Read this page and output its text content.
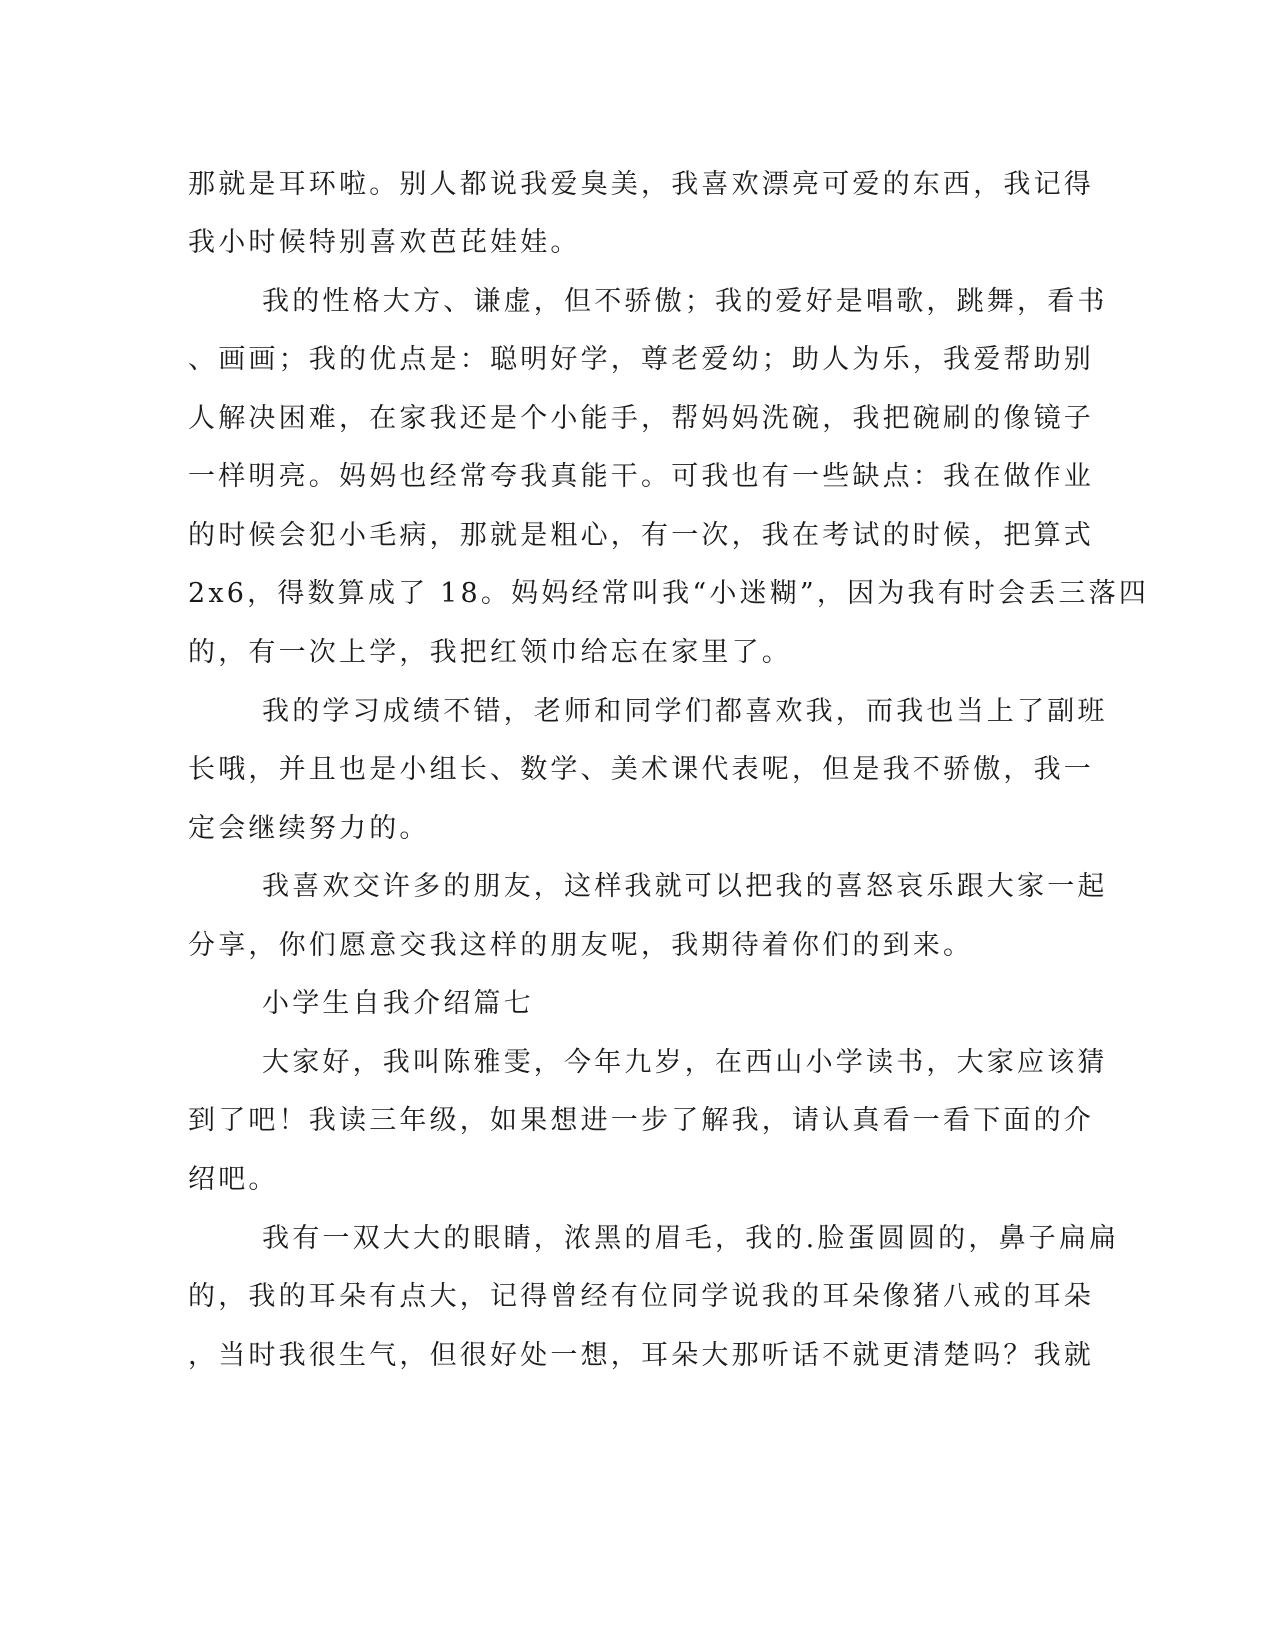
那就是耳环啦。别人都说我爱臭美，我喜欢漂亮可爱的东西，我记得
我小时候特别喜欢芭芘娃娃。
我的性格大方、谦虚，但不骄傲；我的爱好是唱歌，跳舞，看书
、画画；我的优点是：聪明好学，尊老爱幼；助人为乐，我爱帮助别
人解决困难，在家我还是个小能手，帮妈妈洗碗，我把碗刷的像镜子
一样明亮。妈妈也经常夸我真能干。可我也有一些缺点：我在做作业
的时候会犯小毛病，那就是粗心，有一次，我在考试的时候，把算式
2x6，得数算成了 18。妈妈经常叫我“小迷糊”，因为我有时会丢三落四
的，有一次上学，我把红领巾给忘在家里了。
我的学习成绩不错，老师和同学们都喜欢我，而我也当上了副班
长哦，并且也是小组长、数学、美术课代表呢，但是我不骄傲，我一
定会继续努力的。
我喜欢交许多的朋友，这样我就可以把我的喜怒哀乐跟大家一起
分享，你们愿意交我这样的朋友呢，我期待着你们的到来。
小学生自我介绍篇七
大家好，我叫陈雅雯，今年九岁，在西山小学读书，大家应该猜
到了吧！我读三年级，如果想进一步了解我，请认真看一看下面的介
绍吧。
我有一双大大的眼睛，浓黑的眉毛，我的.脸蛋圆圆的，鼻子扁扁
的，我的耳朵有点大，记得曾经有位同学说我的耳朵像猪八戒的耳朵
，当时我很生气，但很好处一想，耳朵大那听话不就更清楚吗？我就
